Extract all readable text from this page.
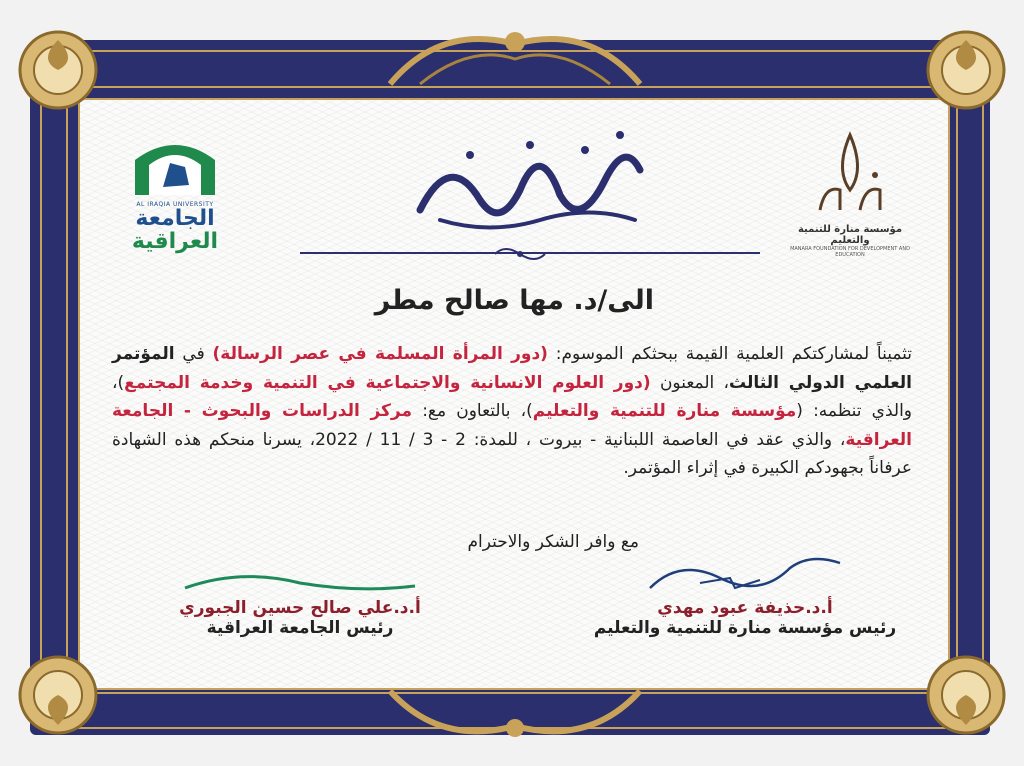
AL IRAQIA UNIVERSITY
الجامعة
العراقية	مؤسسة منارة للتنمية والتعليم
MANARA FOUNDATION FOR DEVELOPMENT AND EDUCATION
الى/د. مها صالح مطر
تثميناً لمشاركتكم العلمية القيمة ببحثكم الموسوم: (دور المرأة المسلمة في عصر الرسالة) في المؤتمر العلمي الدولي الثالث، المعنون (دور العلوم الانسانية والاجتماعية في التنمية وخدمة المجتمع)، والذي تنظمه: (مؤسسة منارة للتنمية والتعليم)، بالتعاون مع: مركز الدراسات والبحوث - الجامعة العراقية، والذي عقد في العاصمة اللبنانية - بيروت ، للمدة: 2 - 3 / 11 / 2022، يسرنا منحكم هذه الشهادة عرفاناً بجهودكم الكبيرة في إثراء المؤتمر.
مع وافر الشكر والاحترام
أ.د.علي صالح حسين الجبوري
رئيس الجامعة العراقية
أ.د.حذيفة عبود مهدي
رئيس مؤسسة منارة للتنمية والتعليم
